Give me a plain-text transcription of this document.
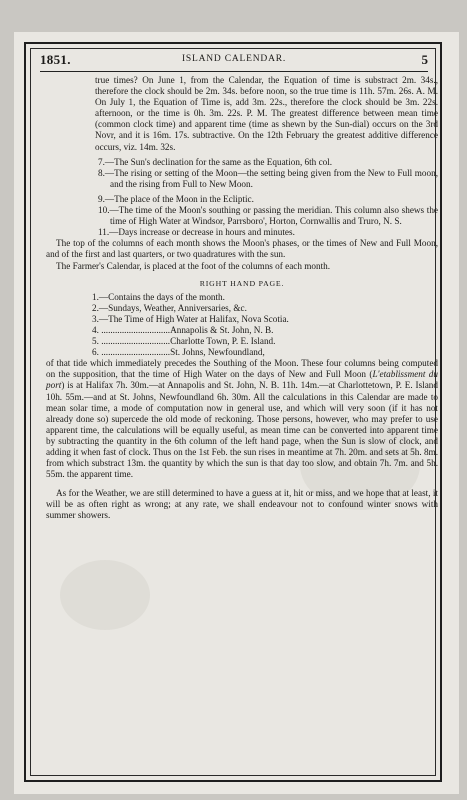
1851.	ISLAND CALENDAR.	5

true times? On June 1, from the Calendar, the Equation of time is substract 2m. 34s., therefore the clock should be 2m. 34s. before noon, so the true time is 11h. 57m. 26s. A. M. On July 1, the Equation of Time is, add 3m. 22s., therefore the clock should be 3m. 22s. afternoon, or the time is 0h. 3m. 22s. P. M. The greatest difference between mean time (common clock time) and apparent time (time as shewn by the Sun-dial) occurs on the 3rd Novr, and it is 16m. 17s. subtractive. On the 12th February the greatest additive difference occurs, viz. 14m. 32s.

7.—The Sun's declination for the same as the Equation, 6th col.

8.—The rising or setting of the Moon—the setting being given from the New to Full moon, and the rising from Full to New Moon.

9.—The place of the Moon in the Ecliptic.

10.—The time of the Moon's southing or passing the meridian. This column also shews the time of High Water at Windsor, Parrsboro', Horton, Cornwallis and Truro, N. S.

11.—Days increase or decrease in hours and minutes.

The top of the columns of each month shows the Moon's phases, or the times of New and Full Moon, and of the first and last quarters, or two quadratures with the sun.

The Farmer's Calendar, is placed at the foot of the columns of each month.

RIGHT HAND PAGE.

1.—Contains the days of the month.

2.—Sundays, Weather, Anniversaries, &c.

3.—The Time of High Water at Halifax, Nova Scotia.

4. ..............................Annapolis & St. John, N. B.

5. ..............................Charlotte Town, P. E. Island.

6. ..............................St. Johns, Newfoundland,

of that tide which immediately precedes the Southing of the Moon. These four columns being computed on the supposition, that the time of High Water on the days of New and Full Moon (L'etablissment du port) is at Halifax 7h. 30m.—at Annapolis and St. John, N. B. 11h. 14m.—at Charlottetown, P. E. Island 10h. 55m.—and at St. Johns, Newfoundland 6h. 30m. All the calculations in this Calendar are made to mean solar time, a mode of computation now in general use, and which will very soon (if it has not already done so) supercede the old mode of reckoning. Those persons, however, who may prefer to use apparent time, the calculations will be equally useful, as mean time can be converted into apparent time by subtracting the quantity in the 6th column of the left hand page, when the Sun is slow of clock, and adding it when fast of clock. Thus on the 1st Feb. the sun rises in meantime at 7h. 20m. and sets at 5h. 8m. from which substract 13m. the quantity by which the sun is that day too slow, and obtain 7h. 7m. and 5h. 55m. the apparent time.

As for the Weather, we are still determined to have a guess at it, hit or miss, and we hope that at least, it will be as often right as wrong; at any rate, we shall endeavour not to confound winter snows with summer showers.
